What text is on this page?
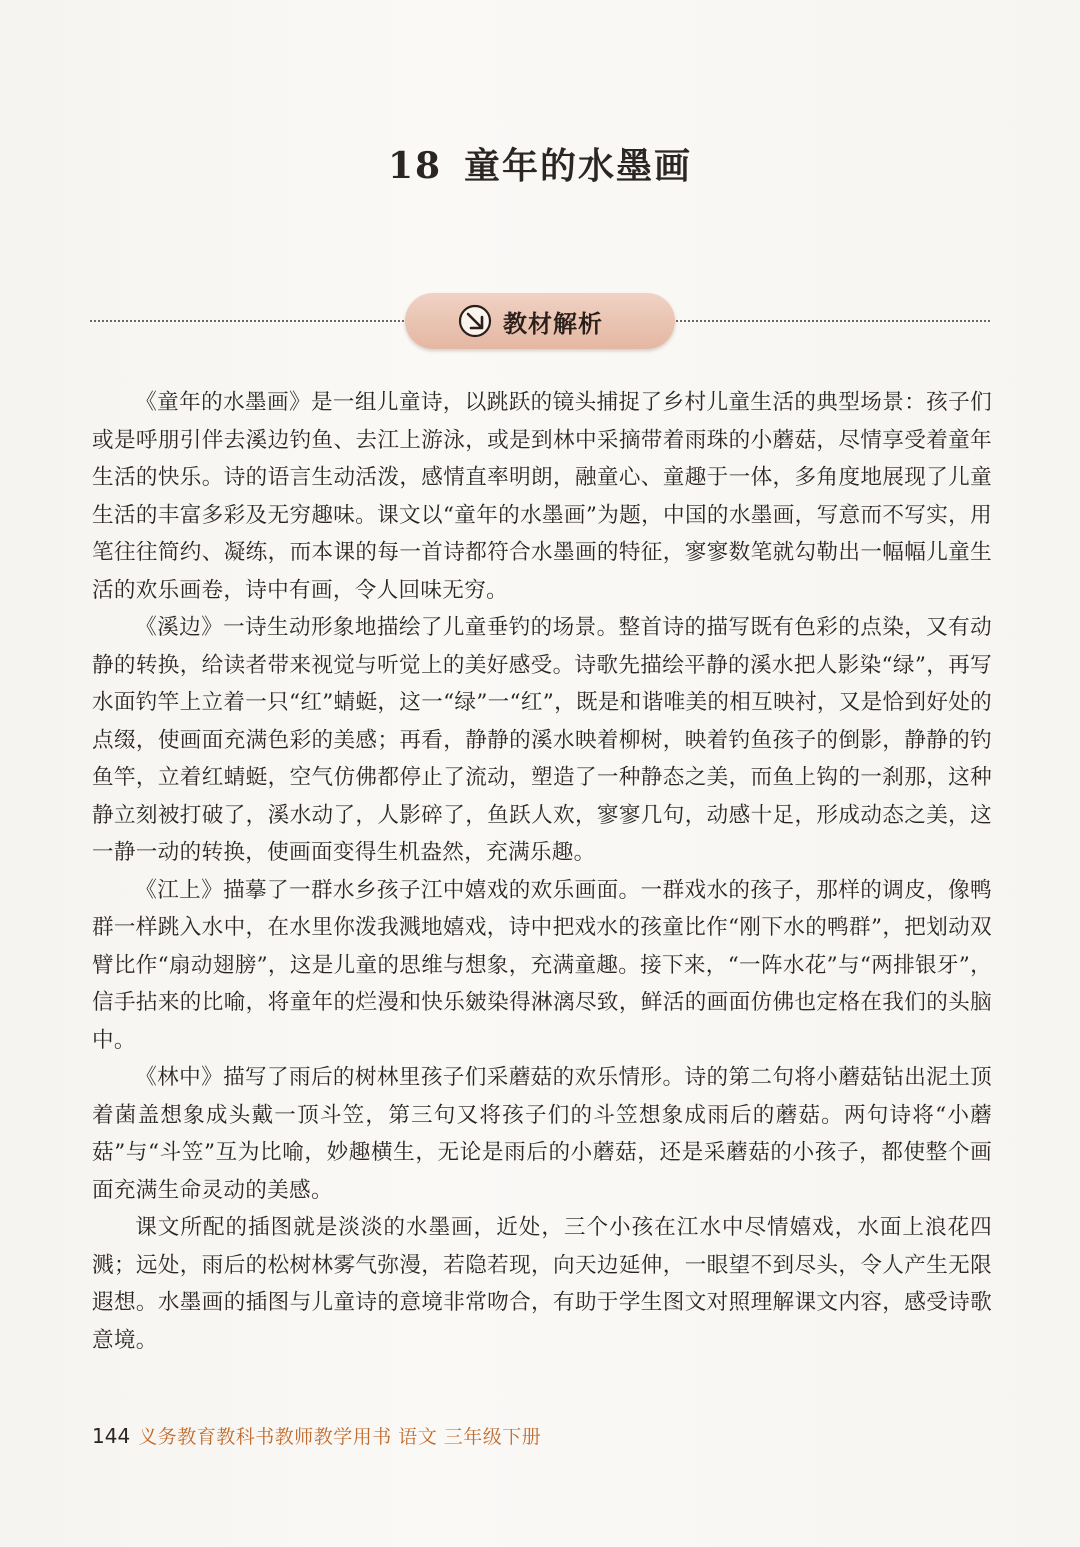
18 童年的水墨画
教材解析

《童年的水墨画》是一组儿童诗，以跳跃的镜头捕捉了乡村儿童生活的典型场景：孩子们或是呼朋引伴去溪边钓鱼、去江上游泳，或是到林中采摘带着雨珠的小蘑菇，尽情享受着童年生活的快乐。诗的语言生动活泼，感情直率明朗，融童心、童趣于一体，多角度地展现了儿童生活的丰富多彩及无穷趣味。课文以“童年的水墨画”为题，中国的水墨画，写意而不写实，用笔往往简约、凝练，而本课的每一首诗都符合水墨画的特征，寥寥数笔就勾勒出一幅幅儿童生活的欢乐画卷，诗中有画，令人回味无穷。

《溪边》一诗生动形象地描绘了儿童垂钓的场景。整首诗的描写既有色彩的点染，又有动静的转换，给读者带来视觉与听觉上的美好感受。诗歌先描绘平静的溪水把人影染“绿”，再写水面钓竿上立着一只“红”蜻蜓，这一“绿”一“红”，既是和谐唯美的相互映衬，又是恰到好处的点缀，使画面充满色彩的美感；再看，静静的溪水映着柳树，映着钓鱼孩子的倒影，静静的钓鱼竿，立着红蜻蜓，空气仿佛都停止了流动，塑造了一种静态之美，而鱼上钩的一刹那，这种静立刻被打破了，溪水动了，人影碎了，鱼跃人欢，寥寥几句，动感十足，形成动态之美，这一静一动的转换，使画面变得生机盎然，充满乐趣。

《江上》描摹了一群水乡孩子江中嬉戏的欢乐画面。一群戏水的孩子，那样的调皮，像鸭群一样跳入水中，在水里你泼我溅地嬉戏，诗中把戏水的孩童比作“刚下水的鸭群”，把划动双臂比作“扇动翅膀”，这是儿童的思维与想象，充满童趣。接下来，“一阵水花”与“两排银牙”，信手拈来的比喻，将童年的烂漫和快乐皴染得淋漓尽致，鲜活的画面仿佛也定格在我们的头脑中。

《林中》描写了雨后的树林里孩子们采蘑菇的欢乐情形。诗的第二句将小蘑菇钻出泥土顶着菌盖想象成头戴一顶斗笠，第三句又将孩子们的斗笠想象成雨后的蘑菇。两句诗将“小蘑菇”与“斗笠”互为比喻，妙趣横生，无论是雨后的小蘑菇，还是采蘑菇的小孩子，都使整个画面充满生命灵动的美感。

课文所配的插图就是淡淡的水墨画，近处，三个小孩在江水中尽情嬉戏，水面上浪花四溅；远处，雨后的松树林雾气弥漫，若隐若现，向天边延伸，一眼望不到尽头，令人产生无限遐想。水墨画的插图与儿童诗的意境非常吻合，有助于学生图文对照理解课文内容，感受诗歌意境。

144 义务教育教科书教师教学用书 语文 三年级下册
